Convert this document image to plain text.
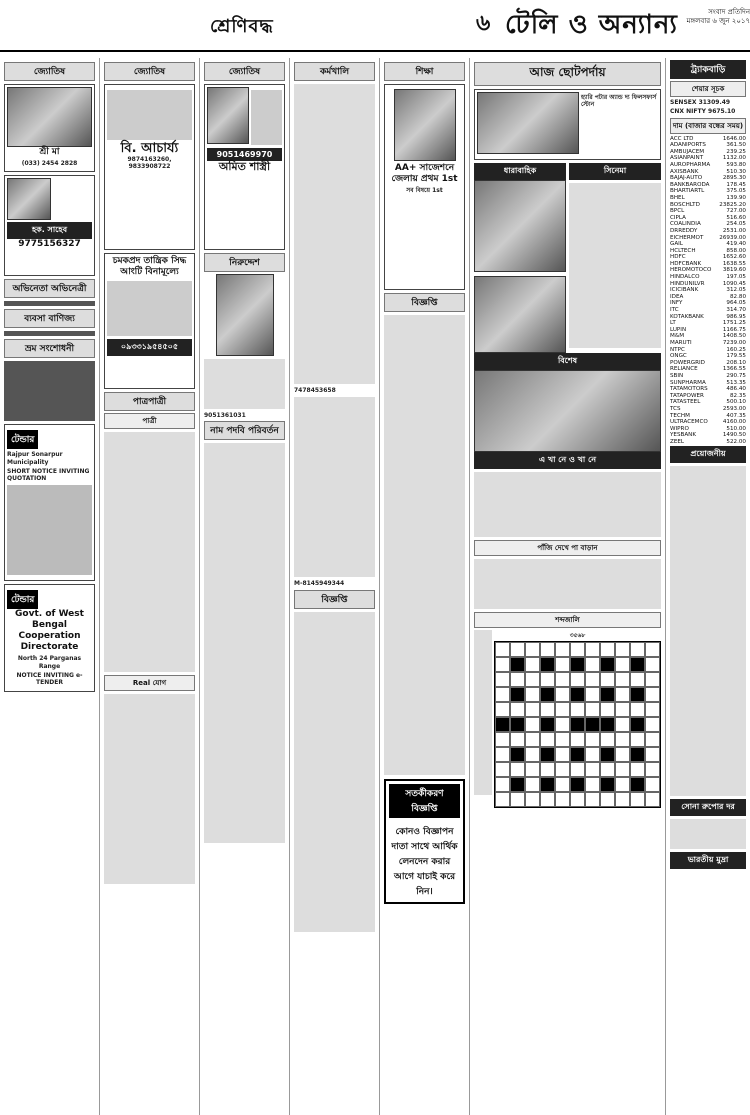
শ্রেণিবদ্ধ	৬ টেলি ও অন্যান্য	সংবাদ প্রতিদিন
মঙ্গলবার ৬ জুন ২০১৭
জ্যোতিষ
শ্রী মা
(033) 2454 2828
হক. সাহেব
9775156327
অভিনেতা অভিনেত্রী
ব্যবসা বাণিজ্য
ভ্রম সংশোধনী
টেন্ডার
Rajpur Sonarpur Municipality
SHORT NOTICE INVITING QUOTATION
টেন্ডার
Govt. of West Bengal
Cooperation Directorate
North 24 Parganas Range
NOTICE INVITING e-TENDER
জ্যোতিষ
বি. আচার্য্য
9874163260, 9833908722
চমকপ্রদ তান্ত্রিক সিদ্ধ আংটি বিনামূল্যে
০৯৩৩১৯৫৪৫০৫
পাত্রপাত্রী
পাত্রী
Real যোগ
জ্যোতিষ
9051469970
অমিত শাস্ত্রী
নিরুদ্দেশ
9051361031
নাম পদবি পরিবর্তন
কর্মখালি
7478453658
M-8145949344
বিজ্ঞপ্তি
শিক্ষা
AA+ সাজেশনে জেলায় প্রথম 1st
সব বিষয়ে 1st
বিজ্ঞপ্তি
সতর্কীকরণ বিজ্ঞপ্তি
কোনও বিজ্ঞাপন দাতা সাথে আর্থিক লেনদেন করার আগে যাচাই করে নিন।
আজ ছোটপর্দায়
হ্যারি পটার অ্যান্ড দ্য ফিলসফার্স স্টোন
ধারাবাহিক	সিনেমা
বিশেষ
এ খা নে ও খা নে
পাঁজি দেখে পা বাড়ান
শব্দজালি
৩৫৬৮
ট্র্যাকবাড়ি
শেয়ার সূচক
SENSEX 31309.49
CNX NIFTY 9675.10
দাম (বাজার বন্ধের সময়)
ACC LTD	1646.00
ADANIPORTS	361.50
AMBUJACEM	239.25
ASIANPAINT	1132.00
AUROPHARMA	593.80
AXISBANK	510.30
BAJAJ-AUTO	2895.30
BANKBARODA	178.45
BHARTIARTL	375.05
BHEL	139.90
BOSCHLTD	23825.20
BPCL	727.00
CIPLA	516.60
COALINDIA	254.05
DRREDDY	2531.00
EICHERMOT	26939.00
GAIL	419.40
HCLTECH	858.00
HDFC	1652.60
HDFCBANK	1638.55
HEROMOTOCO 3819.60
HINDALCO	197.05
HINDUNILVR	1090.45
ICICIBANK	312.05
IDEA	82.80
INFY	964.05
ITC	314.70
KOTAKBANK	986.95
LT	1751.25
LUPIN	1166.75
M&M	1408.50
MARUTI	7239.00
NTPC	160.25
ONGC	179.55
POWERGRID	208.10
RELIANCE	1366.55
SBIN	290.75
SUNPHARMA	513.35
TATAMOTORS	486.40
TATAPOWER	82.35
TATASTEEL	500.10
TCS	2593.00
TECHM	407.35
ULTRACEMCO	4160.00
WIPRO	510.00
YESBANK	1490.50
ZEEL	522.00
প্রয়োজনীয়
সোনা রুপোর দর
ভারতীয় মুদ্রা
